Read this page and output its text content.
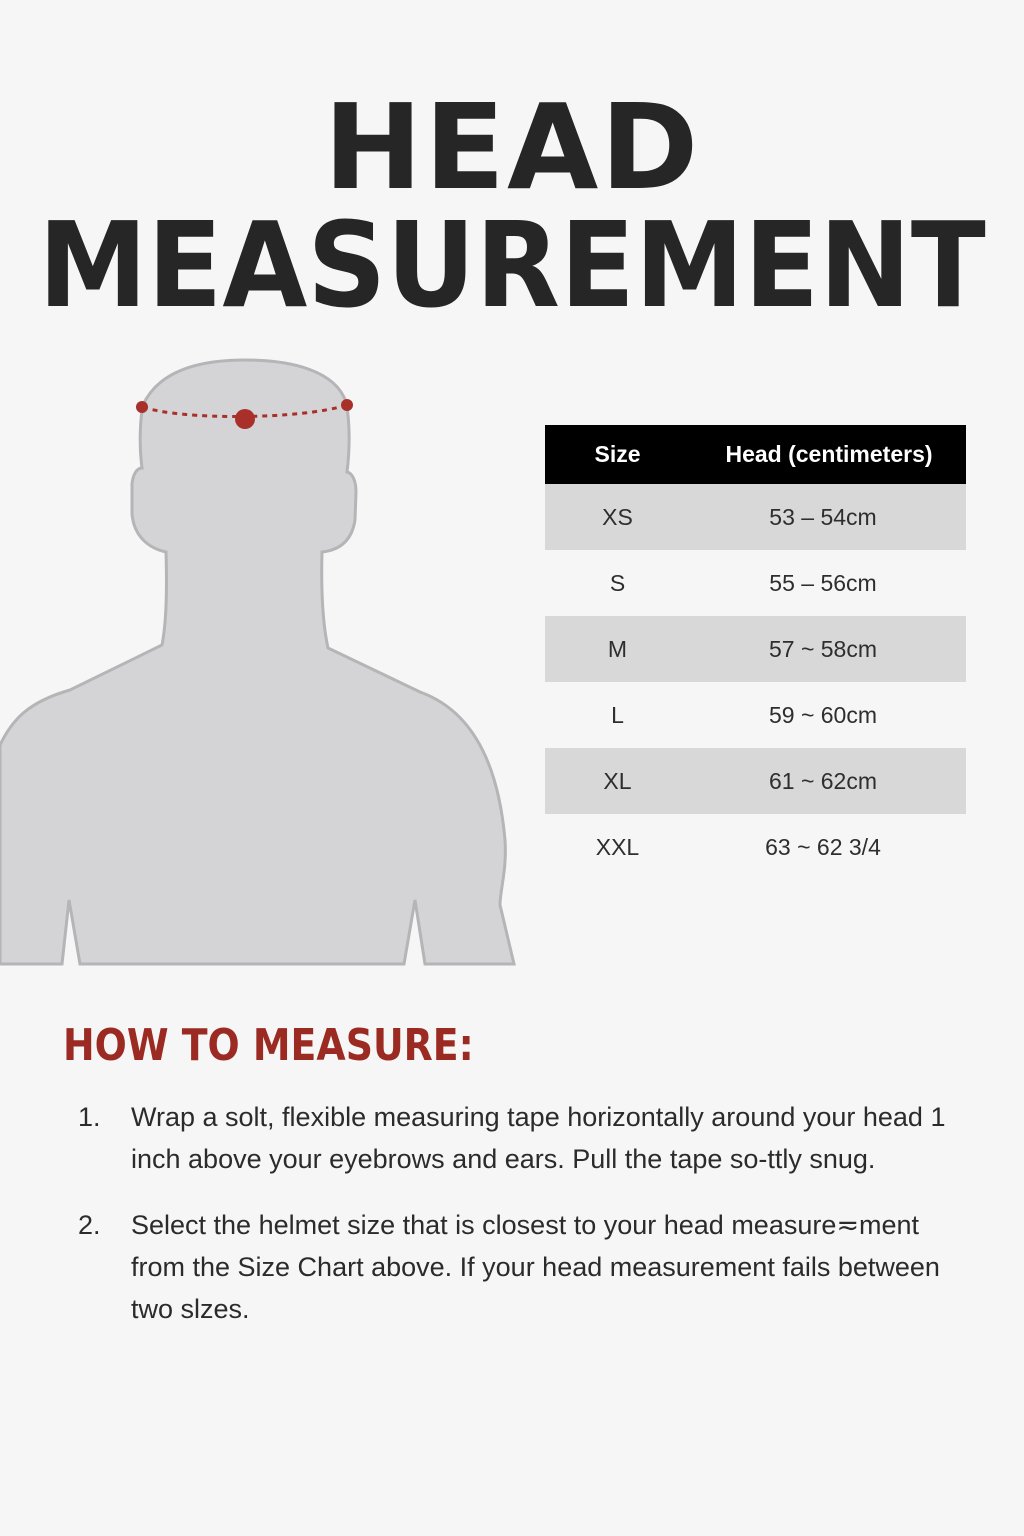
HEAD
MEASUREMENT
Size	Head (centimeters)
XS	53 – 54cm
S	55 – 56cm
M	57 ~ 58cm
L	59 ~ 60cm
XL	61 ~ 62cm
XXL	63 ~ 62 3/4
HOW TO MEASURE:
1.	Wrap a solt, flexible measuring tape horizontally around your head 1 inch above your eyebrows and ears. Pull the tape so-ttly snug.
2.	Select the helmet size that is closest to your head measure≂ment from the Size Chart above. If your head measurement fails between two slzes.
